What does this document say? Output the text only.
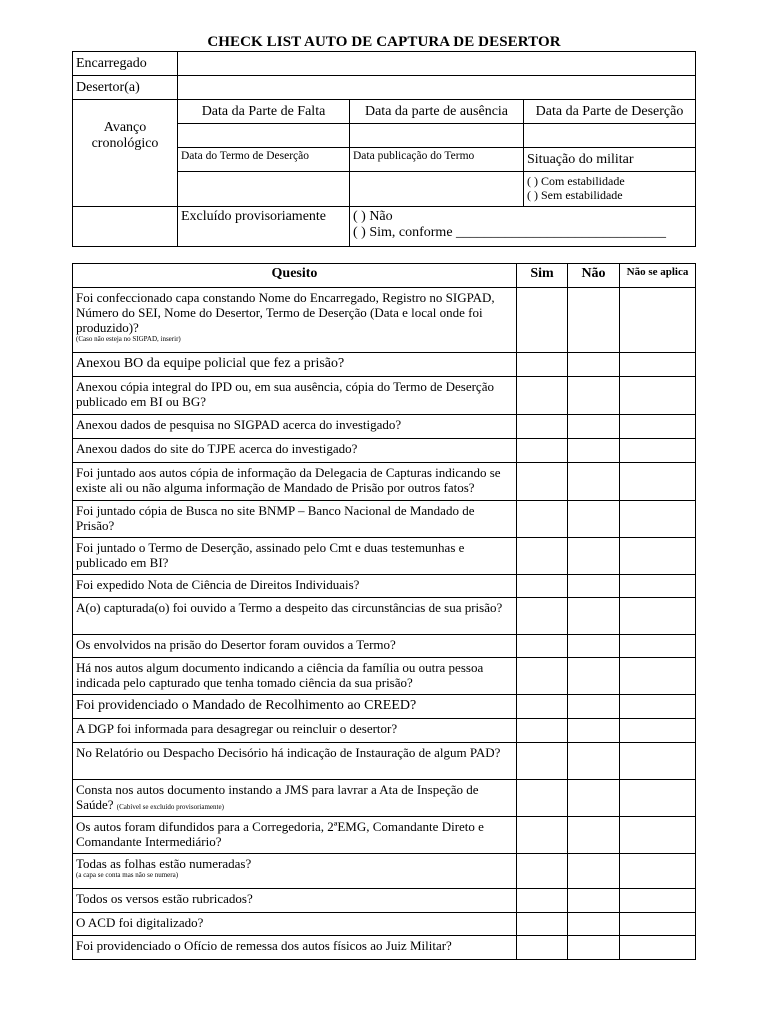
CHECK LIST AUTO DE CAPTURA DE DESERTOR
Encarregado			
Desertor(a)			
Avanço cronológico	Data da Parte de Falta	Data da parte de ausência	Data da Parte de Deserção

	Data do Termo de Deserção	Data publicação do Termo	Situação do militar

			( ) Com estabilidade
( ) Sem estabilidade

	Excluído provisoriamente	( ) Não
( ) Sim, conforme ______________________________	
Quesito	Sim	Não	Não se aplica
Foi confeccionado capa constando Nome do Encarregado, Registro no SIGPAD, Número do SEI, Nome do Desertor, Termo de Deserção (Data e local onde foi produzido)?
(Caso não esteja no SIGPAD, inserir)			

Anexou BO da equipe policial que fez a prisão?			
Anexou cópia integral do IPD ou, em sua ausência, cópia do Termo de Deserção publicado em BI ou BG?			
Anexou dados de pesquisa no SIGPAD acerca do investigado?			
Anexou dados do site do TJPE acerca do investigado?			
Foi juntado aos autos cópia de informação da Delegacia de Capturas indicando se existe ali ou não alguma informação de Mandado de Prisão por outros fatos?			
Foi juntado cópia de Busca no site BNMP – Banco Nacional de Mandado de Prisão?			
Foi juntado o Termo de Deserção, assinado pelo Cmt e duas testemunhas e publicado em BI?			
Foi expedido Nota de Ciência de Direitos Individuais?			
A(o) capturada(o) foi ouvido a Termo a despeito das circunstâncias de sua prisão?			
Os envolvidos na prisão do Desertor foram ouvidos a Termo?			
Há nos autos algum documento indicando a ciência da família ou outra pessoa indicada pelo capturado que tenha tomado ciência da sua prisão?			
Foi providenciado o Mandado de Recolhimento ao CREED?			
A DGP foi informada para desagregar ou reincluir o desertor?			
No Relatório ou Despacho Decisório há indicação de Instauração de algum PAD?			
Consta nos autos documento instando a JMS para lavrar a Ata de Inspeção de Saúde? (Cabível se excluído provisoriamente)			
Os autos foram difundidos para a Corregedoria, 2ªEMG, Comandante Direto e Comandante Intermediário?			
Todas as folhas estão numeradas?
(a capa se conta mas não se numera)			

Todos os versos estão rubricados?			
O ACD foi digitalizado?			
Foi providenciado o Ofício de remessa dos autos físicos ao Juiz Militar?			
